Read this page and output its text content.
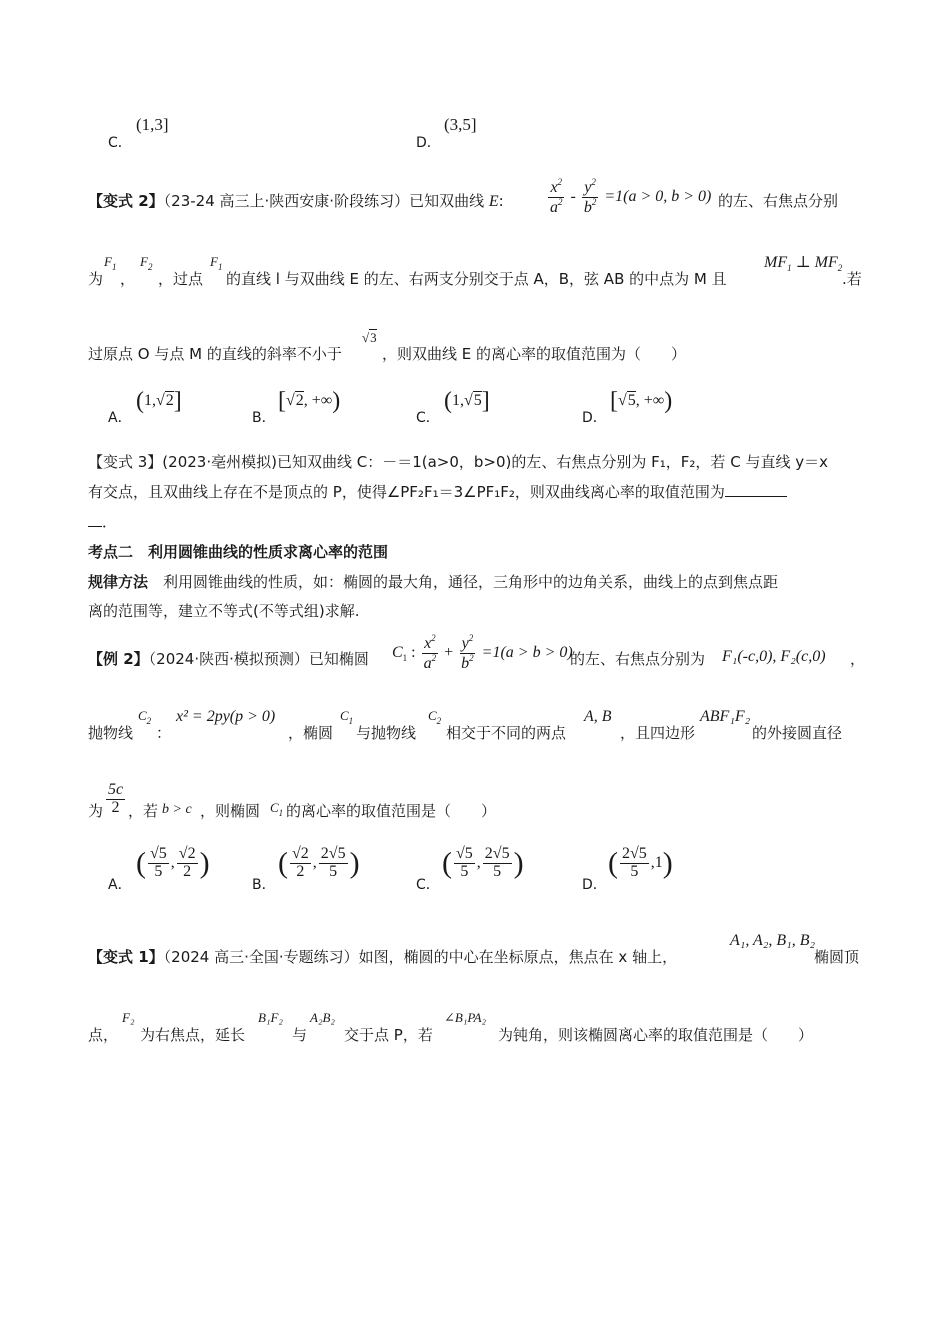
C．
(1,3]
D．
(3,5]
【变式 2】（23-24 高三上·陕西安康·阶段练习）已知双曲线 E:	$\frac{x^2}{a^2} - \frac{y^2}{b^2} =1(a > 0$, b > 0) 的左、右焦点分别
为
$F_1$
，
$F_2$
，过点
$F_1$
的直线 l 与双曲线 E 的左、右两支分别交于点 A，B，弦 AB 的中点为 M 且
$MF_1$ ⊥ $MF_2$
.若
过原点 O 与点 M 的直线的斜率不小于
√3
，则双曲线 E 的离心率的取值范围为（　　）
A．
(1,√2]
B．
[√2, +∞)
C．
(1,√5]
D．
[√5, +∞)
【变式 3】(2023·亳州模拟)已知双曲线 C：－＝1(a>0，b>0)的左、右焦点分别为 F₁，F₂，若 C 与直线 y＝x
有交点，且双曲线上存在不是顶点的 P，使得∠PF₂F₁＝3∠PF₁F₂，则双曲线离心率的取值范围为
．
考点二　利用圆锥曲线的性质求离心率的范围
规律方法　利用圆锥曲线的性质，如：椭圆的最大角，通径，三角形中的边角关系，曲线上的点到焦点距
离的范围等，建立不等式(不等式组)求解.
【例 2】（2024·陕西·模拟预测）已知椭圆 $C_1$ : $\frac{x^2}{a^2} + \frac{y^2}{b^2} =1(a > b > 0)$
的左、右焦点分别为 F₁(-c,0), F₂(c,0) ，
抛物线
$C_2$
：
x² = 2py(p > 0)
，椭圆
$C_1$
与抛物线
$C_2$
相交于不同的两点
A, B
，且四边形
ABF₁F₂
的外接圆直径
为 $\frac{5c}{2}$ ，若 b > c ，则椭圆 $C_1$ 的离心率的取值范围是（　　）
A．
( $\frac{√5}{5}$ , $\frac{√2}{2}$ )
B．
( $\frac{√2}{2}$ , $\frac{2√5}{5}$ )
C．
( $\frac{√5}{5}$ , $\frac{2√5}{5}$ )
D．
( $\frac{2√5}{5} ,1$)
【变式 1】（2024 高三·全国·专题练习）如图，椭圆的中心在坐标原点，焦点在 x 轴上，
A₁, A₂, B₁, B₂
椭圆顶
点，
F₂
为右焦点，延长
B₁F₂
与
A₂B₂
交于点 P，若
∠B₁PA₂
为钝角，则该椭圆离心率的取值范围是（　　）
